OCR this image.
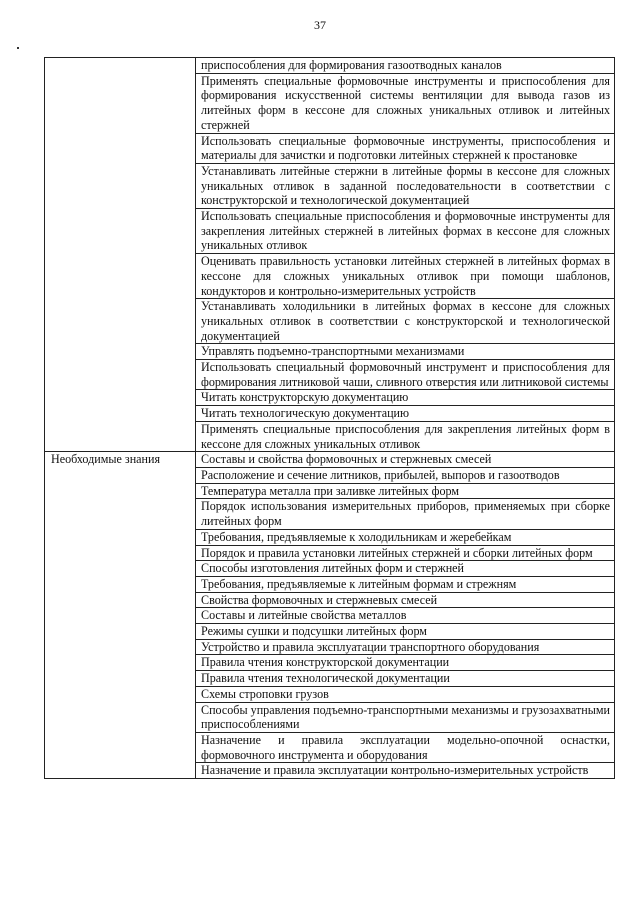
37

	приспособления для формирования газоотводных каналов

	Применять специальные формовочные инструменты и приспособления для формирования искусственной системы вентиляции для вывода газов из литейных форм в кессоне для сложных уникальных отливок и литейных стержней

	Использовать специальные формовочные инструменты, приспособления и материалы для зачистки и подготовки литейных стержней к простановке

	Устанавливать литейные стержни в литейные формы в кессоне для сложных уникальных отливок в заданной последовательности в соответствии с конструкторской и технологической документацией

	Использовать специальные приспособления и формовочные инструменты для закрепления литейных стержней в литейных формах в кессоне для сложных уникальных отливок

	Оценивать правильность установки литейных стержней в литейных формах в кессоне для сложных уникальных отливок при помощи шаблонов, кондукторов и контрольно-измерительных устройств

	Устанавливать холодильники в литейных формах в кессоне для сложных уникальных отливок в соответствии с конструкторской и технологической документацией

	Управлять подъемно-транспортными механизмами

	Использовать специальный формовочный инструмент и приспособления для формирования литниковой чаши, сливного отверстия или литниковой системы

	Читать конструкторскую документацию

	Читать технологическую документацию

	Применять специальные приспособления для закрепления литейных форм в кессоне для сложных уникальных отливок

Необходимые знания	Составы и свойства формовочных и стержневых смесей

	Расположение и сечение литников, прибылей, выпоров и газоотводов

	Температура металла при заливке литейных форм

	Порядок использования измерительных приборов, применяемых при сборке литейных форм

	Требования, предъявляемые к холодильникам и жеребейкам

	Порядок и правила установки литейных стержней и сборки литейных форм

	Способы изготовления литейных форм и стержней

	Требования, предъявляемые к литейным формам и стрежням

	Свойства формовочных и стержневых смесей

	Составы и литейные свойства металлов

	Режимы сушки и подсушки литейных форм

	Устройство и правила эксплуатации транспортного оборудования

	Правила чтения конструкторской документации

	Правила чтения технологической документации

	Схемы строповки грузов

	Способы управления подъемно-транспортными механизмы и грузозахватными приспособлениями

	Назначение и правила эксплуатации модельно-опочной оснастки, формовочного инструмента и оборудования

	Назначение и правила эксплуатации контрольно-измерительных устройств
